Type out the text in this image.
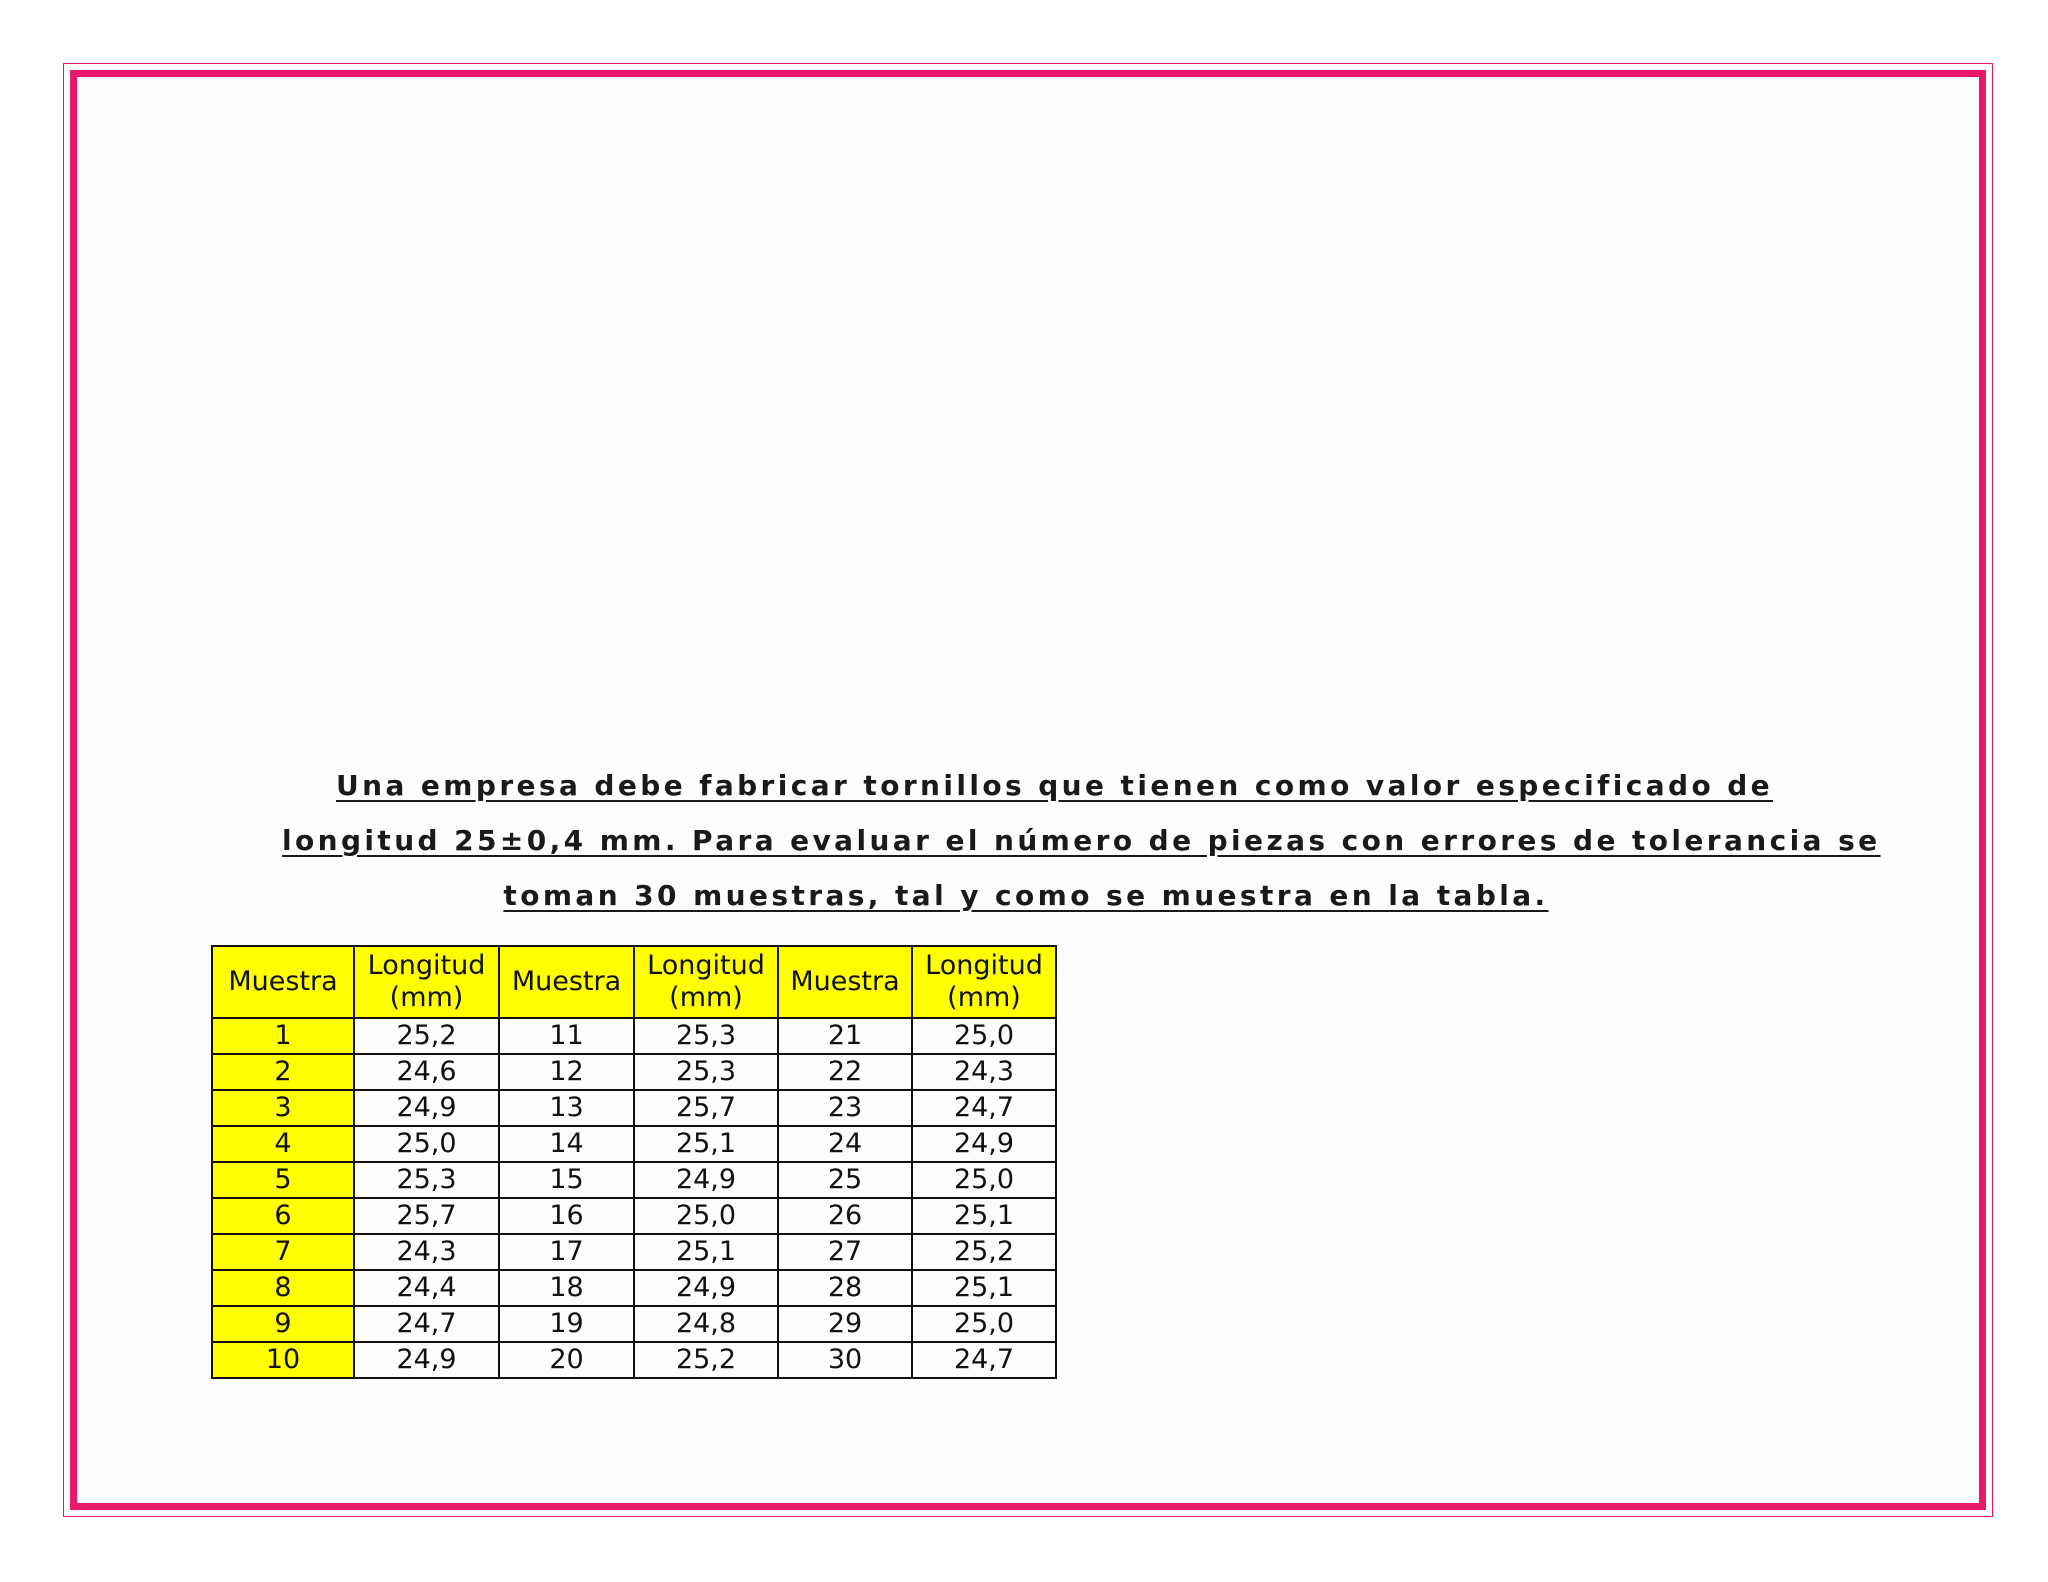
Una empresa debe fabricar tornillos que tienen como valor especificado de
longitud 25±0,4 mm. Para evaluar el número de piezas con errores de tolerancia se
toman 30 muestras, tal y como se muestra en la tabla.
Muestra	Longitud (mm)	Muestra	Longitud (mm)	Muestra	Longitud (mm)
1	25,2	11	25,3	21	25,0
2	24,6	12	25,3	22	24,3
3	24,9	13	25,7	23	24,7
4	25,0	14	25,1	24	24,9
5	25,3	15	24,9	25	25,0
6	25,7	16	25,0	26	25,1
7	24,3	17	25,1	27	25,2
8	24,4	18	24,9	28	25,1
9	24,7	19	24,8	29	25,0
10	24,9	20	25,2	30	24,7
